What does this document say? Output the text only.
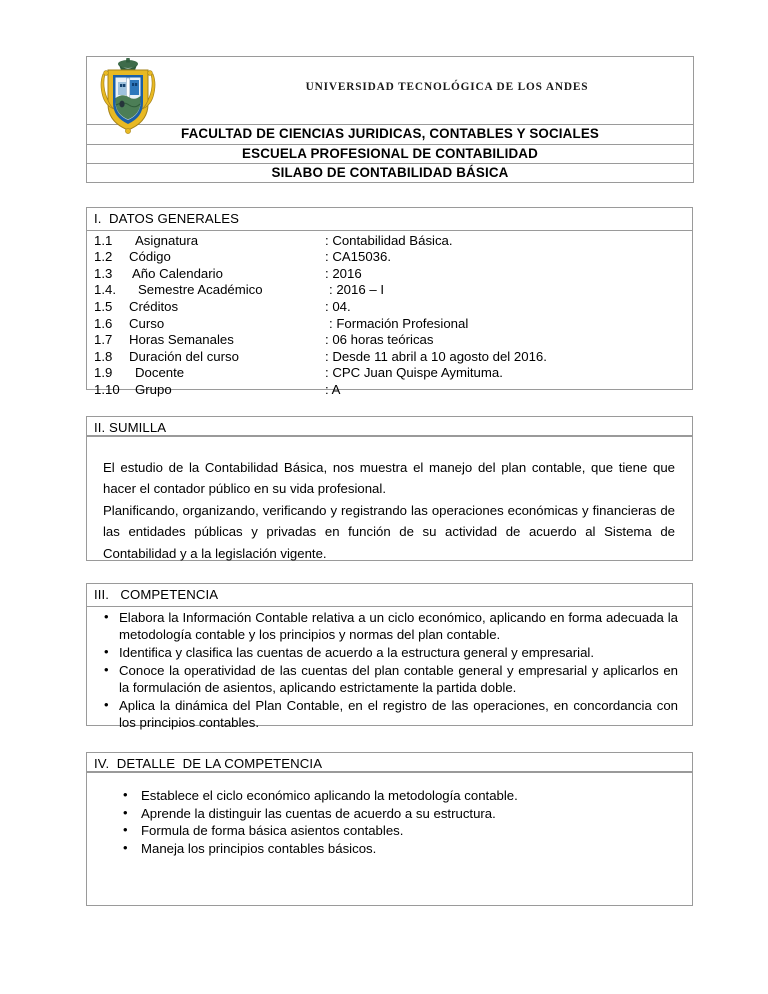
UNIVERSIDAD TECNOLÓGICA DE LOS ANDES
FACULTAD DE CIENCIAS JURIDICAS, CONTABLES Y SOCIALES
ESCUELA PROFESIONAL DE CONTABILIDAD
SILABO DE CONTABILIDAD BÁSICA
I.  DATOS GENERALES
1.1 Asignatura	: Contabilidad Básica.
1.2 Código	: CA15036.
1.3 Año Calendario	: 2016
1.4. Semestre Académico	: 2016 – I
1.5 Créditos	: 04.
1.6 Curso	: Formación Profesional
1.7 Horas Semanales	: 06 horas teóricas
1.8 Duración del curso	: Desde 11 abril a 10 agosto del 2016.
1.9 Docente	: CPC Juan Quispe Aymituma.
1.10 Grupo	: A
II. SUMILLA

El estudio de la Contabilidad Básica, nos muestra el manejo del plan contable, que tiene que hacer el contador público en su vida profesional.

Planificando, organizando, verificando y registrando las operaciones económicas y financieras de las entidades públicas y privadas en función de su actividad de acuerdo al Sistema de Contabilidad y a la legislación vigente.

III.   COMPETENCIA
• Elabora la Información Contable relativa a un ciclo económico, aplicando en forma adecuada la metodología contable y los principios y normas del plan contable.
• Identifica y clasifica las cuentas de acuerdo a la estructura general y empresarial.
• Conoce la operatividad de las cuentas del plan contable general y empresarial y aplicarlos en la formulación de asientos, aplicando estrictamente la partida doble.
• Aplica la dinámica del Plan Contable, en el registro de las operaciones, en concordancia con los principios contables.
IV.  DETALLE  DE LA COMPETENCIA
• Establece el ciclo económico aplicando la metodología contable.
• Aprende la distinguir las cuentas de acuerdo a su estructura.
• Formula de forma básica asientos contables.
• Maneja los principios contables básicos.
